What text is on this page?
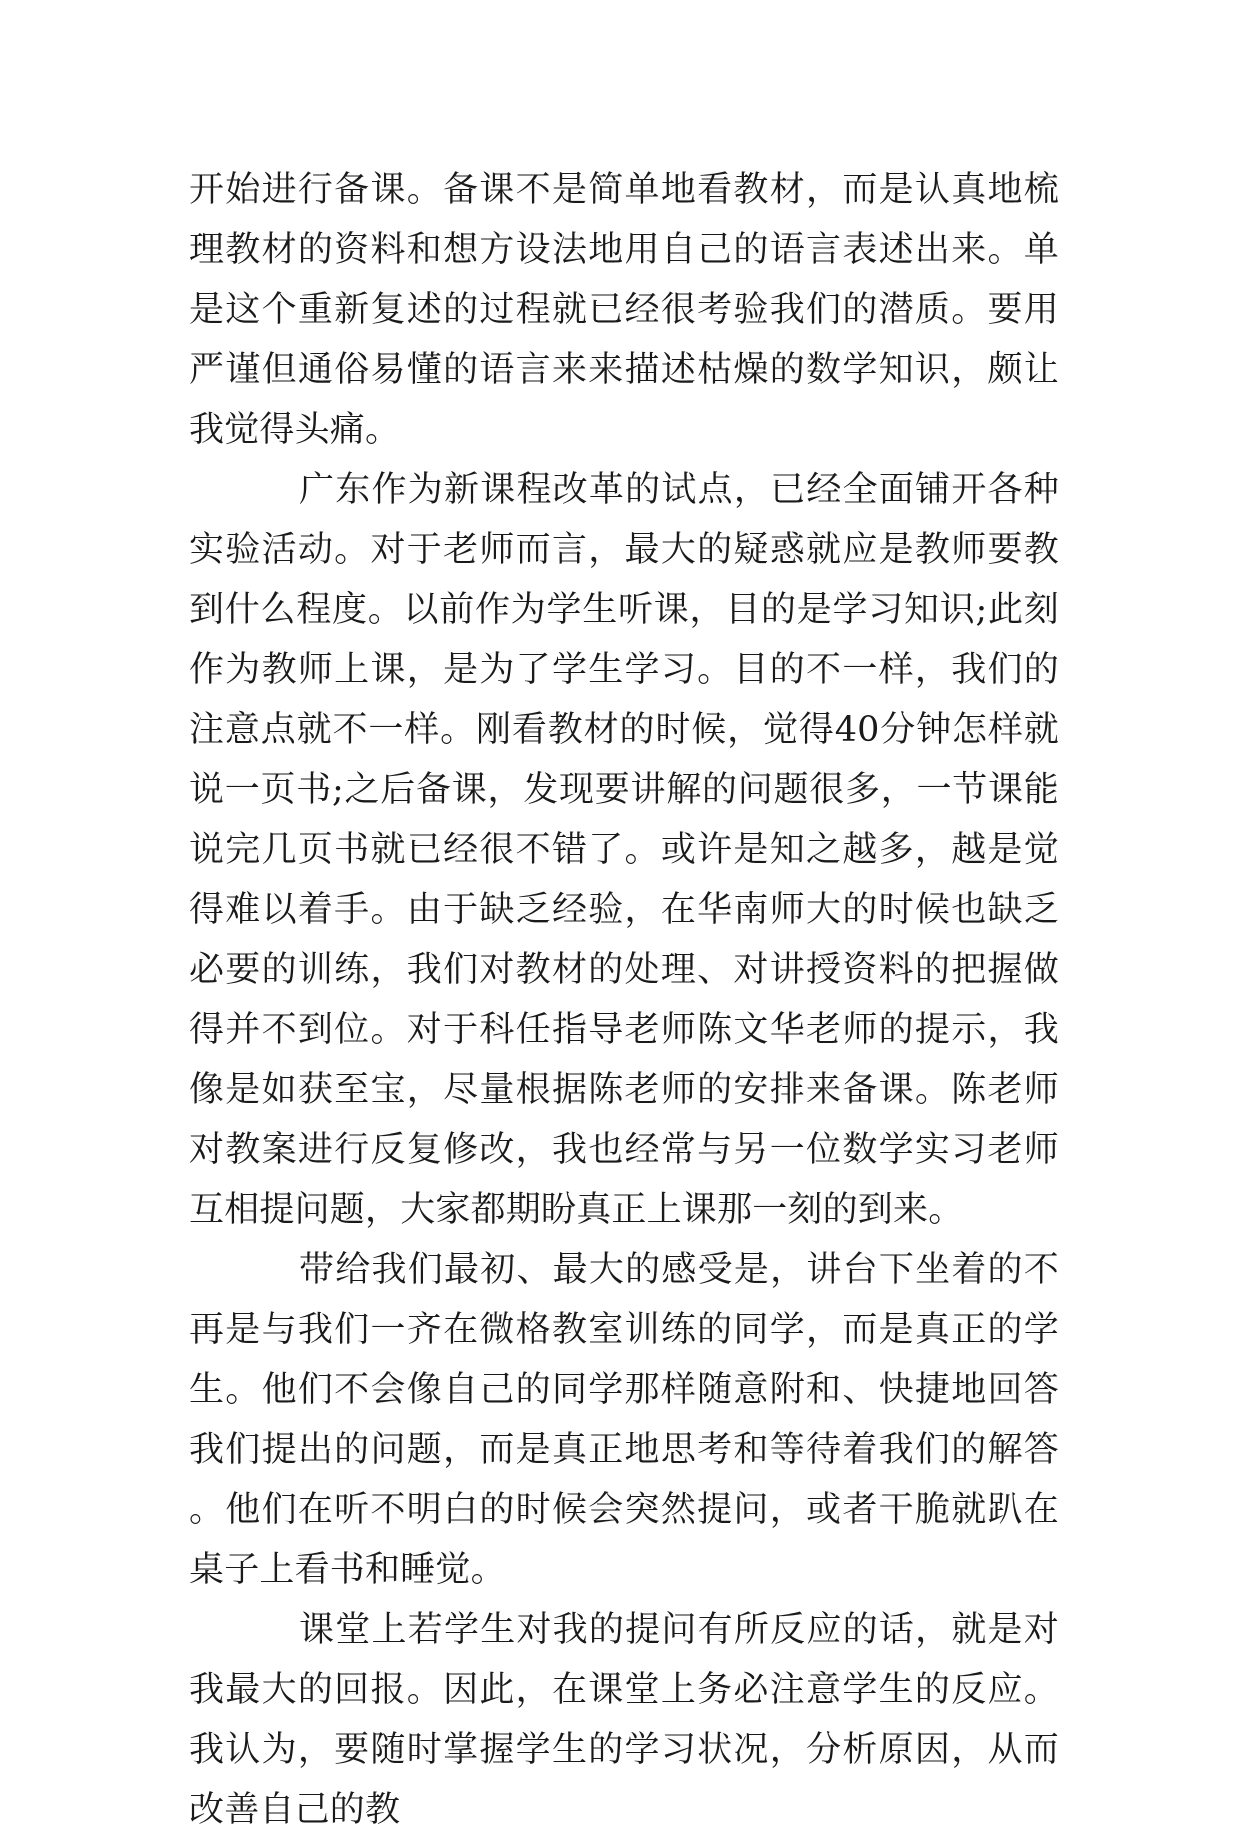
开始进行备课。备课不是简单地看教材，而是认真地梳理教材的资料和想方设法地用自己的语言表述出来。单是这个重新复述的过程就已经很考验我们的潜质。要用严谨但通俗易懂的语言来来描述枯燥的数学知识，颇让我觉得头痛。

广东作为新课程改革的试点，已经全面铺开各种实验活动。对于老师而言，最大的疑惑就应是教师要教到什么程度。以前作为学生听课，目的是学习知识;此刻作为教师上课，是为了学生学习。目的不一样，我们的注意点就不一样。刚看教材的时候，觉得40分钟怎样就说一页书;之后备课，发现要讲解的问题很多，一节课能说完几页书就已经很不错了。或许是知之越多，越是觉得难以着手。由于缺乏经验，在华南师大的时候也缺乏必要的训练，我们对教材的处理、对讲授资料的把握做得并不到位。对于科任指导老师陈文华老师的提示，我像是如获至宝，尽量根据陈老师的安排来备课。陈老师对教案进行反复修改，我也经常与另一位数学实习老师互相提问题，大家都期盼真正上课那一刻的到来。

带给我们最初、最大的感受是，讲台下坐着的不再是与我们一齐在微格教室训练的同学，而是真正的学生。他们不会像自己的同学那样随意附和、快捷地回答我们提出的问题，而是真正地思考和等待着我们的解答。他们在听不明白的时候会突然提问，或者干脆就趴在桌子上看书和睡觉。

课堂上若学生对我的提问有所反应的话，就是对我最大的回报。因此，在课堂上务必注意学生的反应。我认为，要随时掌握学生的学习状况，分析原因，从而改善自己的教
